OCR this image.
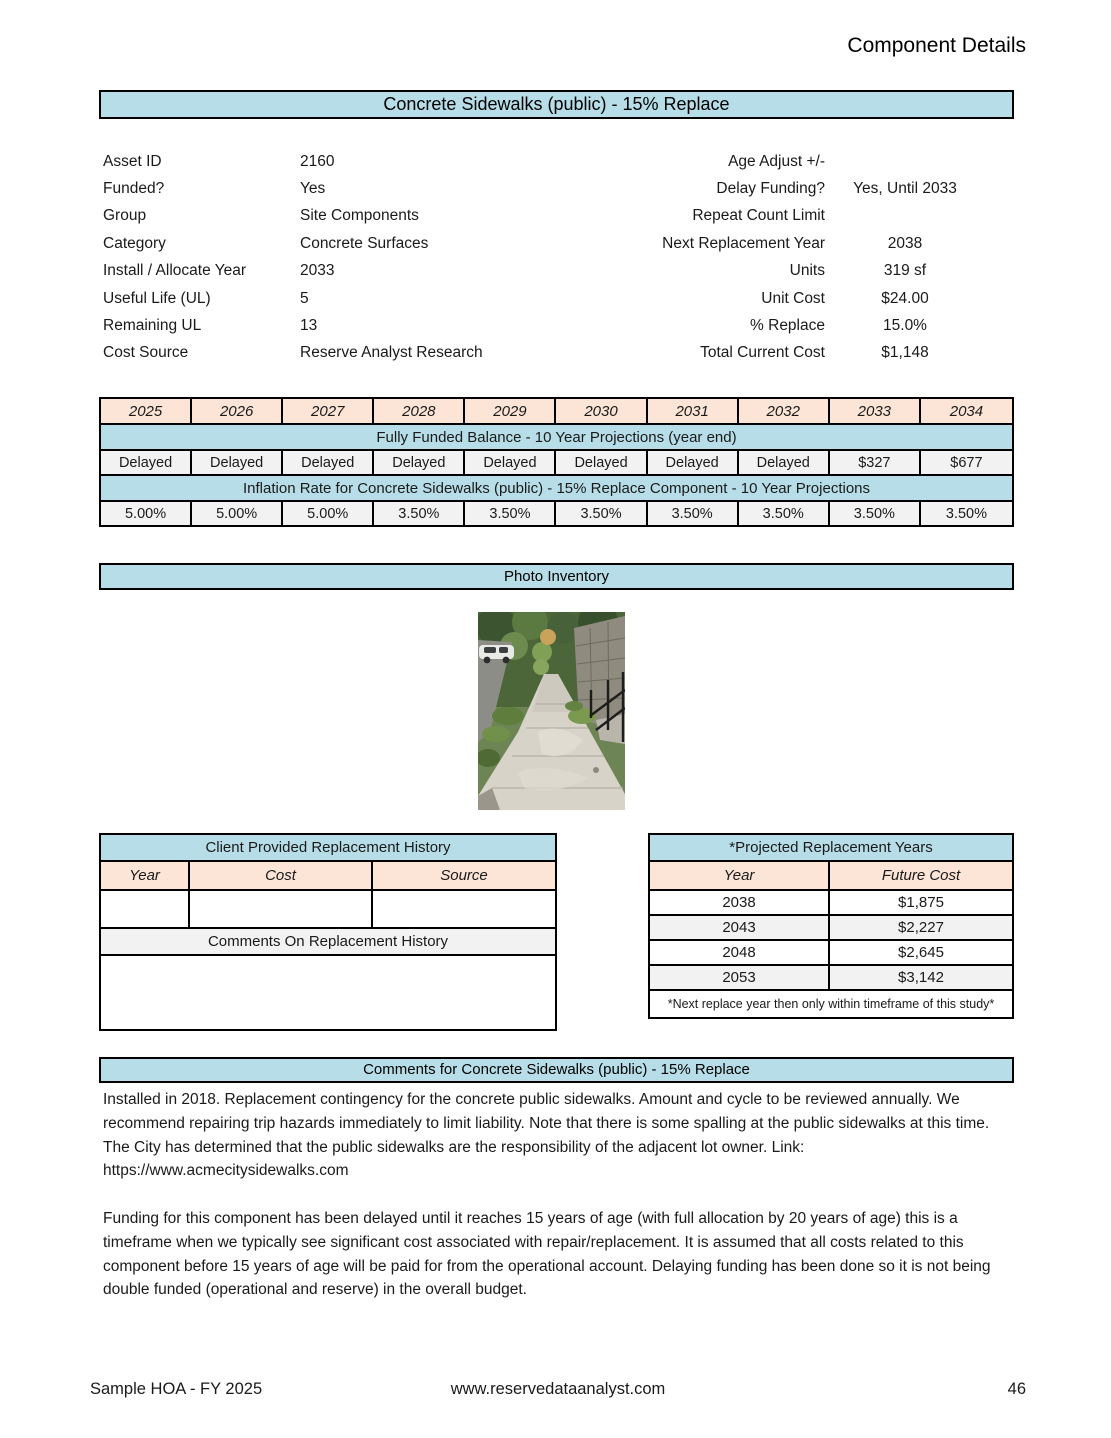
Component Details
Concrete Sidewalks (public) - 15% Replace
Asset ID	2160
Funded?	Yes
Group	Site Components
Category	Concrete Surfaces
Install / Allocate Year	2033
Useful Life (UL)	5
Remaining UL	13
Cost Source	Reserve Analyst Research
Age Adjust +/-
Delay Funding?	Yes, Until 2033
Repeat Count Limit
Next Replacement Year	2038
Units	319 sf
Unit Cost	$24.00
% Replace	15.0%
Total Current Cost	$1,148
2025	2026	2027	2028	2029	2030	2031	2032	2033	2034
Fully Funded Balance - 10 Year Projections (year end)
Delayed	Delayed	Delayed	Delayed	Delayed	Delayed	Delayed	Delayed	$327	$677
Inflation Rate for Concrete Sidewalks (public) - 15% Replace Component - 10 Year Projections
5.00%	5.00%	5.00%	3.50%	3.50%	3.50%	3.50%	3.50%	3.50%	3.50%
Photo Inventory
Client Provided Replacement History
Year	Cost	Source
Comments On Replacement History
*Projected Replacement Years
Year	Future Cost
2038	$1,875
2043	$2,227
2048	$2,645
2053	$3,142
*Next replace year then only within timeframe of this study*
Comments for Concrete Sidewalks (public) - 15% Replace

Installed in 2018. Replacement contingency for the concrete public sidewalks. Amount and cycle to be reviewed annually. We recommend repairing trip hazards immediately to limit liability. Note that there is some spalling at the public sidewalks at this time. The City has determined that the public sidewalks are the responsibility of the adjacent lot owner. Link: https://www.acmecitysidewalks.com

Funding for this component has been delayed until it reaches 15 years of age (with full allocation by 20 years of age) this is a timeframe when we typically see significant cost associated with repair/replacement. It is assumed that all costs related to this component before 15 years of age will be paid for from the operational account. Delaying funding has been done so it is not being double funded (operational and reserve) in the overall budget.

Sample HOA - FY 2025	www.reservedataanalyst.com	46
